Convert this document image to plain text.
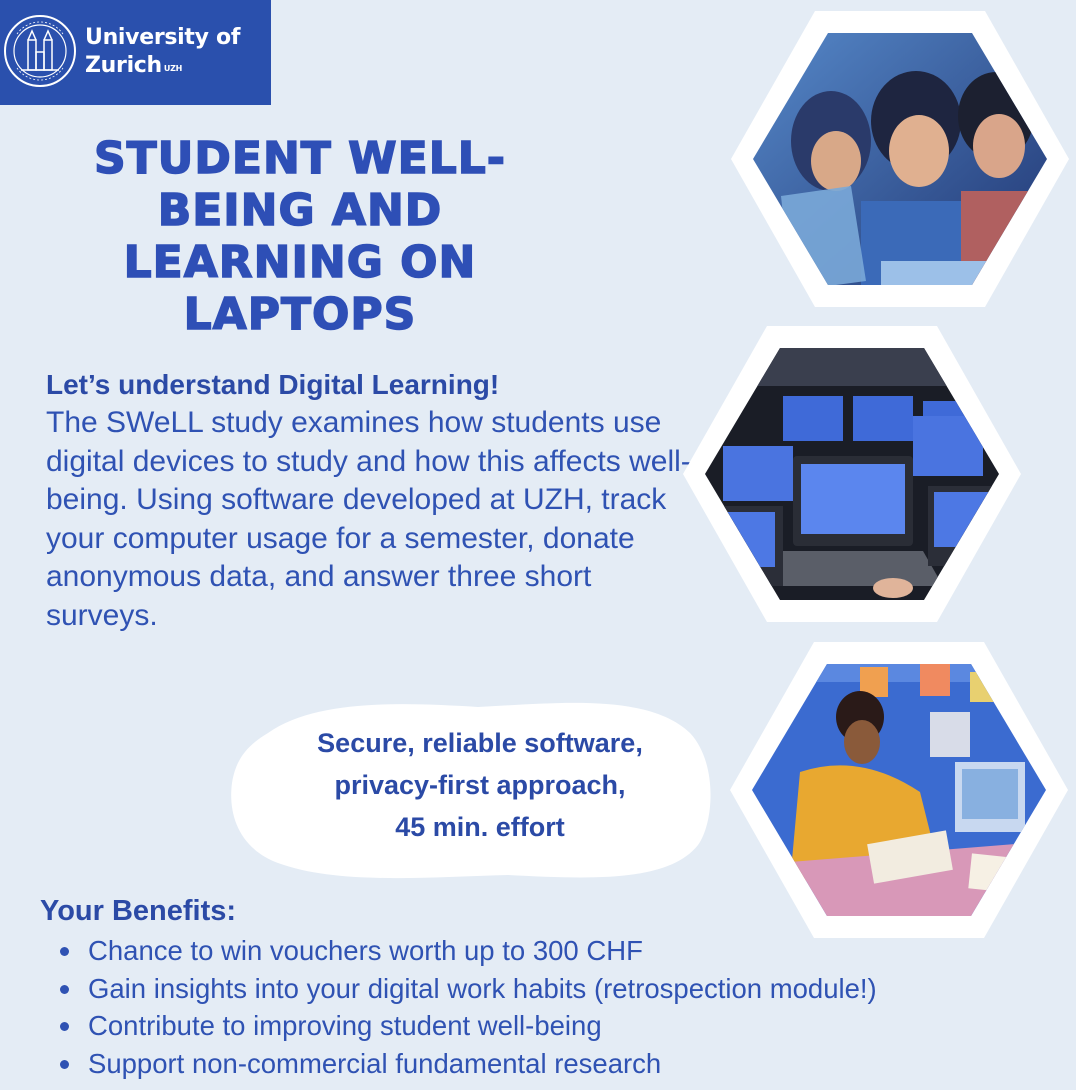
University of
Zurich $^{UZH}$
STUDENT WELL-BEING AND LEARNING ON LAPTOPS

Let’s understand Digital Learning!

The SWeLL study examines how students use digital devices to study and how this affects well-being. Using software developed at UZH, track your computer usage for a semester, donate anonymous data, and answer three short surveys.

Secure, reliable software,
privacy-first approach,
45 min. effort

Your Benefits:

Chance to win vouchers worth up to 300 CHF
Gain insights into your digital work habits (retrospection module!)
Contribute to improving student well-being
Support non-commercial fundamental research
